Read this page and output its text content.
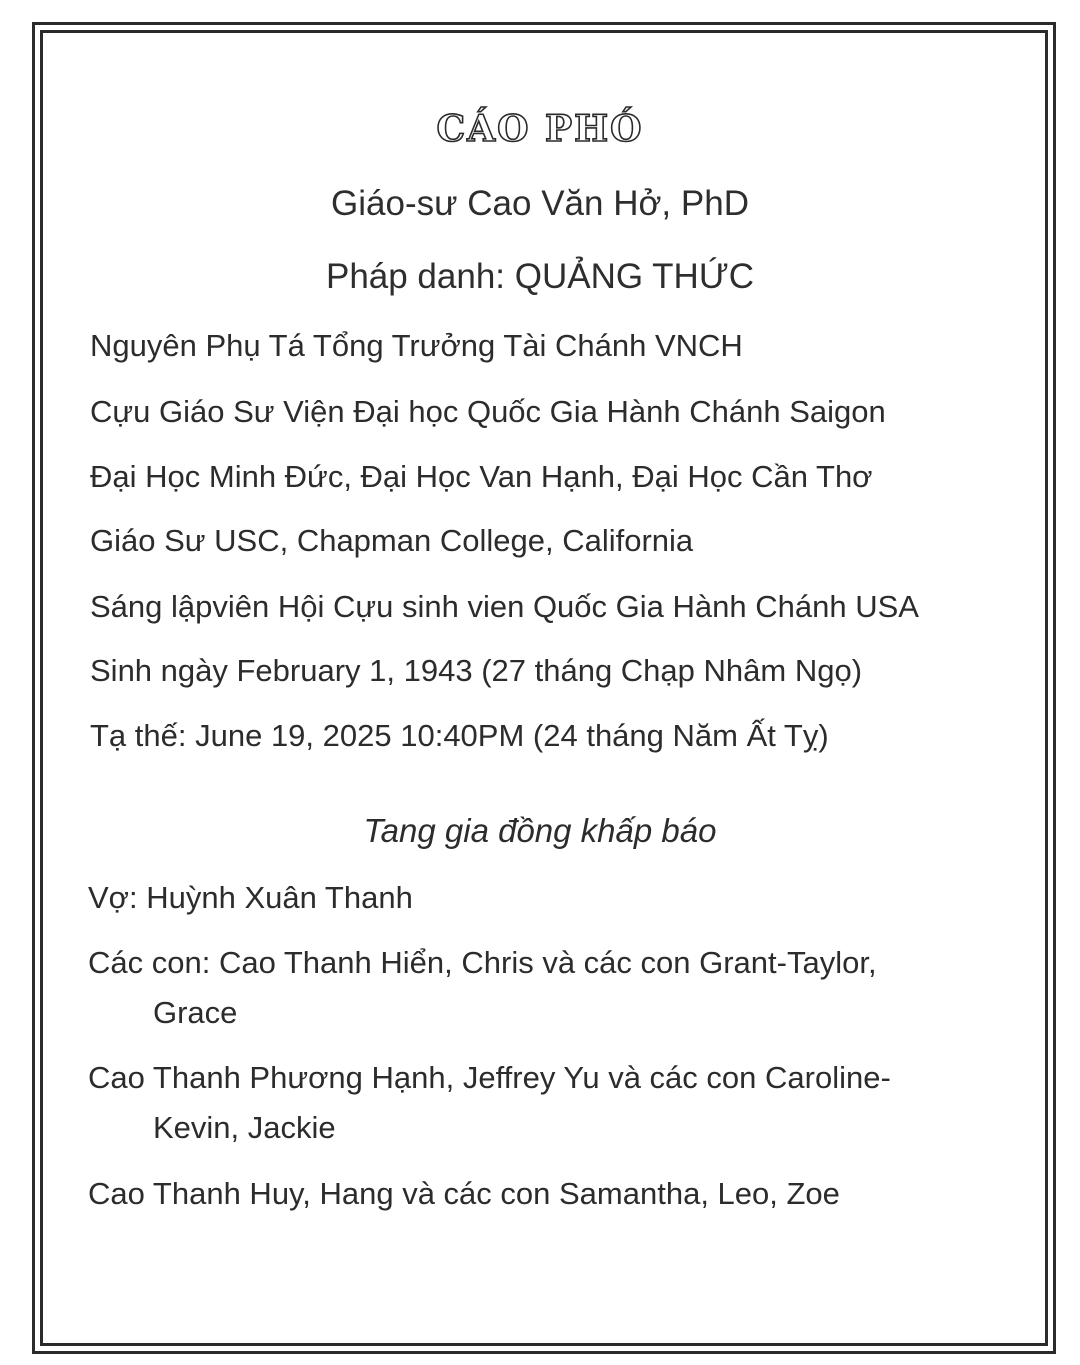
CÁO PHÓ
Giáo-sư Cao Văn Hở, PhD
Pháp danh: QUẢNG THỨC
Nguyên Phụ Tá Tổng Trưởng Tài Chánh VNCH
Cựu Giáo Sư Viện Đại học Quốc Gia Hành Chánh Saigon
Đại Học Minh Đức, Đại Học Van Hạnh, Đại Học Cần Thơ
Giáo Sư USC, Chapman College, California
Sáng lậpviên Hội Cựu sinh vien Quốc Gia Hành Chánh USA
Sinh ngày February 1, 1943 (27 tháng Chạp Nhâm Ngọ)
Tạ thế: June 19, 2025 10:40PM (24 tháng Năm Ất Tỵ)
Tang gia đồng khấp báo
Vợ: Huỳnh Xuân Thanh
Các con: Cao Thanh Hiển, Chris và các con Grant-Taylor,
Grace
Cao Thanh Phương Hạnh, Jeffrey Yu và các con Caroline-
Kevin, Jackie
Cao Thanh Huy, Hang và các con Samantha, Leo, Zoe
